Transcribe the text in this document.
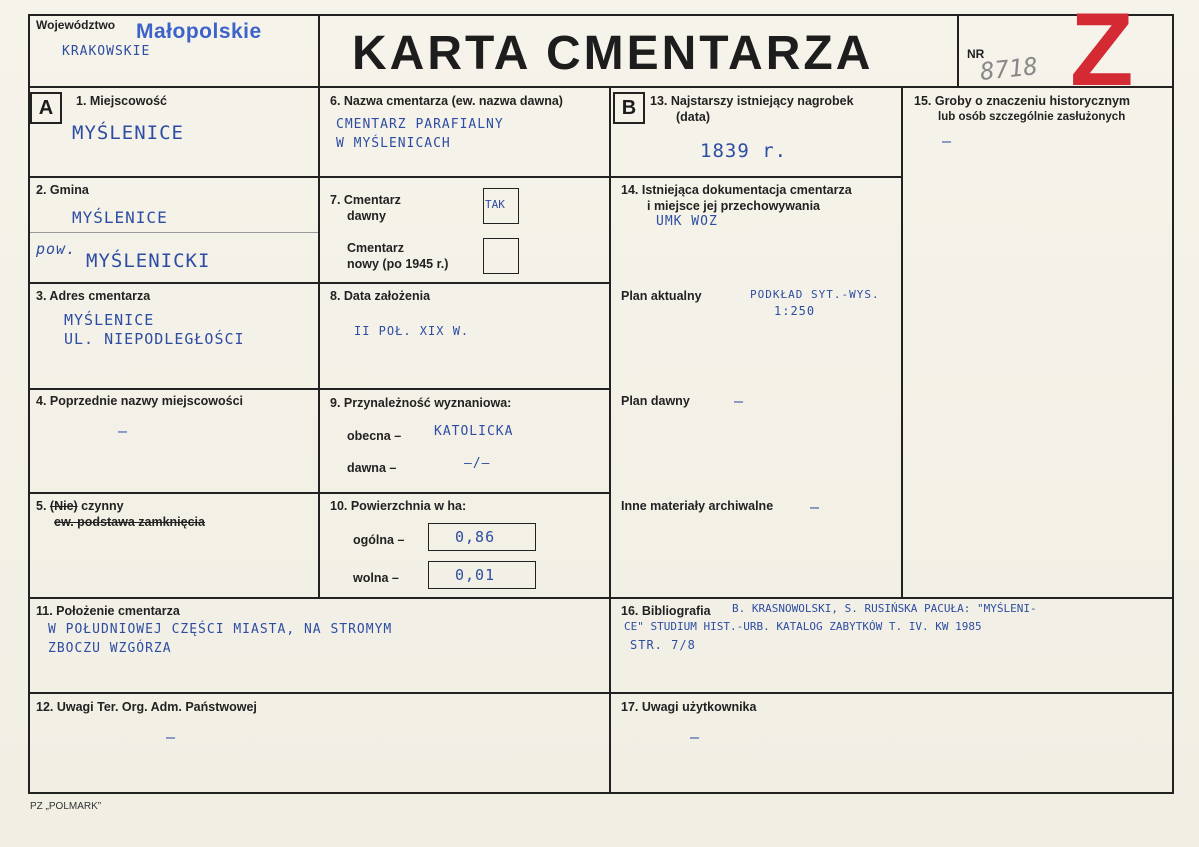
Województwo Małopolskie
KRAKOWSKIE	KARTA CMENTARZA	NR
8718 Z
A	B
1. Miejscowość
MYŚLENICE
2. Gmina
MYŚLENICE
pow.
MYŚLENICKI
3. Adres cmentarza
MYŚLENICE
UL. NIEPODLEGŁOŚCI
4. Poprzednie nazwy miejscowości
–
5. (Nie) czynny
ew. podstawa zamknięcia
6. Nazwa cmentarza (ew. nazwa dawna)
CMENTARZ PARAFIALNY
W MYŚLENICACH
7. Cmentarz
dawny
TAK
Cmentarz
nowy (po 1945 r.)
8. Data założenia
II POŁ. XIX W.
9. Przynależność wyznaniowa:
obecna –	KATOLICKA
dawna –	–/–
10. Powierzchnia w ha:
ogólna –	0,86
wolna –	0,01
11. Położenie cmentarza
W POŁUDNIOWEJ CZĘŚCI MIASTA, NA STROMYM
ZBOCZU WZGÓRZA
12. Uwagi Ter. Org. Adm. Państwowej
–
13. Najstarszy istniejący nagrobek
(data)
1839 r.
14. Istniejąca dokumentacja cmentarza
i miejsce jej przechowywania
UMK WOZ
Plan aktualny	PODKŁAD SYT.-WYS.
1:250
Plan dawny	–
Inne materiały archiwalne –
15. Groby o znaczeniu historycznym
lub osób szczególnie zasłużonych
–
16. Bibliografia B. KRASNOWOLSKI, S. RUSIŃSKA PACUŁA: "MYŚLENI-
CE" STUDIUM HIST.-URB. KATALOG ZABYTKÓW T. IV. KW 1985
STR. 7/8
17. Uwagi użytkownika
–
PZ „POLMARK”
